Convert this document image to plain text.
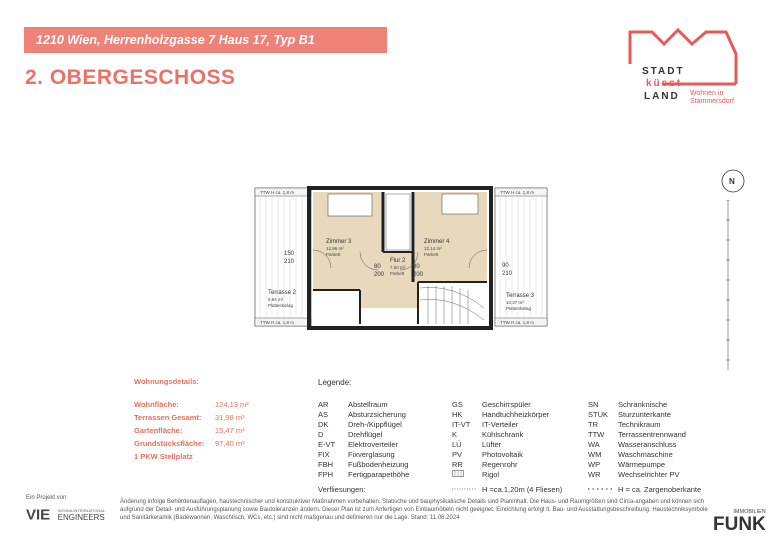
1210 Wien, Herrenholzgasse 7 Haus 17, Typ B1
2. OBERGESCHOSS	STADT
küsst
LAND Wohnen in
Stammersdorf
Zimmer 3
12,96 m²
Parkett
Zimmer 4
12,14 m²
Parkett
Flur 2
7,50 m²
Parkett
Terrasse 2
8,84 m²
Plattenbelag
Terrasse 3
10,37 m²
Plattenbelag
150
210
80
200
80
200
90
210
TTW H ca. 1,8 m
TTW H ca. 1,8 m
TTW H ca. 1,8 m
TTW H ca. 1,8 m
N
Wohnungsdetails:
Wohnfläche:	124,13 m²
Terrassen Gesamt: 31,98 m²
Gartenfläche:	15,47 m²
Grundstücksfläche: 97,40 m²
1 PKW Stellplatz
Legende:
AR	Abstellraum
AS	Absturzsicherung
DK	Dreh-/Kippflügel
D	Drehflügel
E-VT Elektroverteiler
FIX Fixverglasung
FBH Fußbodenheizung
FPH Fertigparapethöhe
GS	Geschirrspüler
HK	Handtuchheizkörper
IT-VT IT-Verteiler
K	Kühlschrank
LÜ	Lüfter
PV	Photovoltaik
RR	Regenrohr
Rigol
SN	Schranknische
STUK Sturzunterkante
TR	Technikraum
TTW Terrassentrennwand
WA Wasseranschluss
WM Waschmaschine
WP Wärmepumpe
WR Wechselrichter PV
Verfliesungen:	H =ca.1,20m (4 Fliesen)	H = ca. Zargenoberkante
Ein Projekt von
VIE VIENNA INTERNATIONAL
ENGINEERS
Änderung infolge Behördenauflagen, haustechnischer und konstruktiver Maßnahmen vorbehalten. Statische und bauphysikalische Details sind Planinhalt. Die Haus- und Raumgrößen sind Circa-angaben und können sich aufgrund der Detail- und Ausführungsplanung sowie Bautoleranzen ändern. Dieser Plan ist zum Anfertigen von Einbaumöbeln nicht geeignet. Einrichtung erfolgt lt. Bau- und Ausstattungsbeschreibung. Haustechniksymbole und Sanitärkeramik (Badewannen, Waschtisch, WCs, etc.) sind nicht maßgenau und definieren nur die Lage. Stand: 11.06.2024
IMMOBILIEN
FUNK
